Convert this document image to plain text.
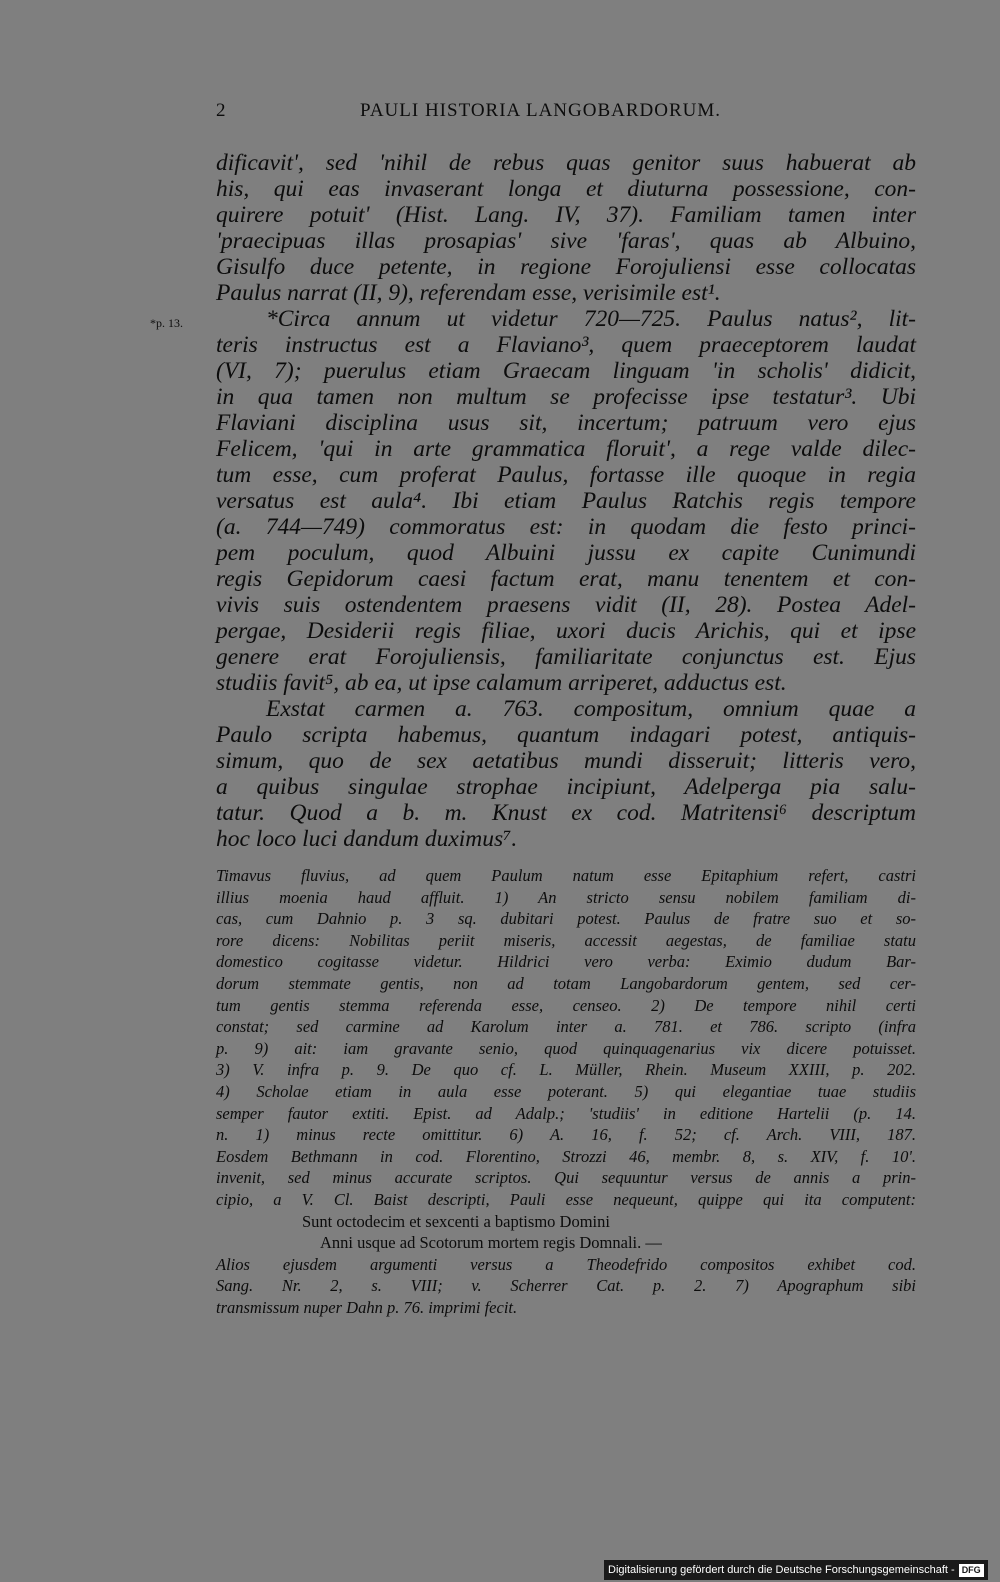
2	PAULI HISTORIA LANGOBARDORUM.
*p. 13.
dificavit', sed 'nihil de rebus quas genitor suus habuerat ab
his, qui eas invaserant longa et diuturna possessione, con-
quirere potuit' (Hist. Lang. IV, 37). Familiam tamen inter
'praecipuas illas prosapias' sive 'faras', quas ab Albuino,
Gisulfo duce petente, in regione Forojuliensi esse collocatas
Paulus narrat (II, 9), referendam esse, verisimile est¹.
*Circa annum ut videtur 720—725. Paulus natus², lit-
teris instructus est a Flaviano³, quem praeceptorem laudat
(VI, 7); puerulus etiam Graecam linguam 'in scholis' didicit,
in qua tamen non multum se profecisse ipse testatur³. Ubi
Flaviani disciplina usus sit, incertum; patruum vero ejus
Felicem, 'qui in arte grammatica floruit', a rege valde dilec-
tum esse, cum proferat Paulus, fortasse ille quoque in regia
versatus est aula⁴. Ibi etiam Paulus Ratchis regis tempore
(a. 744—749) commoratus est: in quodam die festo princi-
pem poculum, quod Albuini jussu ex capite Cunimundi
regis Gepidorum caesi factum erat, manu tenentem et con-
vivis suis ostendentem praesens vidit (II, 28). Postea Adel-
pergae, Desiderii regis filiae, uxori ducis Arichis, qui et ipse
genere erat Forojuliensis, familiaritate conjunctus est. Ejus
studiis favit⁵, ab ea, ut ipse calamum arriperet, adductus est.
Exstat carmen a. 763. compositum, omnium quae a
Paulo scripta habemus, quantum indagari potest, antiquis-
simum, quo de sex aetatibus mundi disseruit; litteris vero,
a quibus singulae strophae incipiunt, Adelperga pia salu-
tatur. Quod a b. m. Knust ex cod. Matritensi⁶ descriptum
hoc loco luci dandum duximus⁷.
Timavus fluvius, ad quem Paulum natum esse Epitaphium refert, castri
illius moenia haud affluit. 1) An stricto sensu nobilem familiam di-
cas, cum Dahnio p. 3 sq. dubitari potest. Paulus de fratre suo et so-
rore dicens: Nobilitas periit miseris, accessit aegestas, de familiae statu
domestico cogitasse videtur. Hildrici vero verba: Eximio dudum Bar-
dorum stemmate gentis, non ad totam Langobardorum gentem, sed cer-
tum gentis stemma referenda esse, censeo. 2) De tempore nihil certi
constat; sed carmine ad Karolum inter a. 781. et 786. scripto (infra
p. 9) ait: iam gravante senio, quod quinquagenarius vix dicere potuisset.
3) V. infra p. 9. De quo cf. L. Müller, Rhein. Museum XXIII, p. 202.
4) Scholae etiam in aula esse poterant. 5) qui elegantiae tuae studiis
semper fautor extiti. Epist. ad Adalp.; 'studiis' in editione Hartelii (p. 14.
n. 1) minus recte omittitur. 6) A. 16, f. 52; cf. Arch. VIII, 187.
Eosdem Bethmann in cod. Florentino, Strozzi 46, membr. 8, s. XIV, f. 10'.
invenit, sed minus accurate scriptos. Qui sequuntur versus de annis a prin-
cipio, a V. Cl. Baist descripti, Pauli esse nequeunt, quippe qui ita computent:
Sunt octodecim et sexcenti a baptismo Domini
Anni usque ad Scotorum mortem regis Domnali. —
Alios ejusdem argumenti versus a Theodefrido compositos exhibet cod.
Sang. Nr. 2, s. VIII; v. Scherrer Cat. p. 2. 7) Apographum sibi
transmissum nuper Dahn p. 76. imprimi fecit.
Digitalisierung gefördert durch die Deutsche Forschungsgemeinschaft - DFG
